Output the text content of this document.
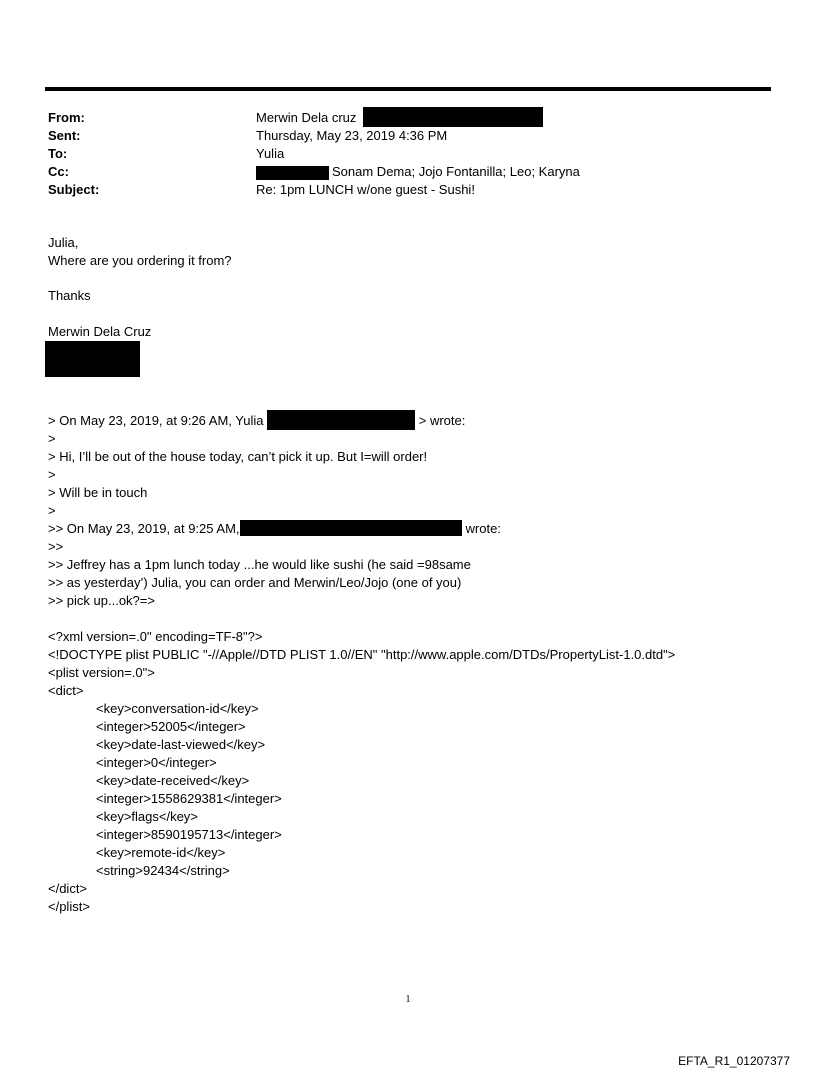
From:	Merwin Dela cruz
Sent:	Thursday, May 23, 2019 4:36 PM
To:	Yulia
Cc:	Sonam Dema; Jojo Fontanilla; Leo; Karyna
Subject:	Re: 1pm LUNCH w/one guest - Sushi!
Julia,
Where are you ordering it from?
Thanks
Merwin Dela Cruz
> On May 23, 2019, at 9:26 AM, Yulia	> wrote:
>
> Hi, I’ll be out of the house today, can’t pick it up. But I=will order!
>
> Will be in touch
>
>> On May 23, 2019, at 9:25 AM,	wrote:
>>
>> Jeffrey has a 1pm lunch today ...he would like sushi (he said =98same
>> as yesterday’) Julia, you can order and Merwin/Leo/Jojo (one of you)
>> pick up...ok?=>
<?xml version=.0" encoding=TF-8"?>
<!DOCTYPE plist PUBLIC "-//Apple//DTD PLIST 1.0//EN" "http://www.apple.com/DTDs/PropertyList-1.0.dtd">
<plist version=.0">
<dict>
<key>conversation-id</key>
<integer>52005</integer>
<key>date-last-viewed</key>
<integer>0</integer>
<key>date-received</key>
<integer>1558629381</integer>
<key>flags</key>
<integer>8590195713</integer>
<key>remote-id</key>
<string>92434</string>
</dict>
</plist>
1
EFTA_R1_01207377
